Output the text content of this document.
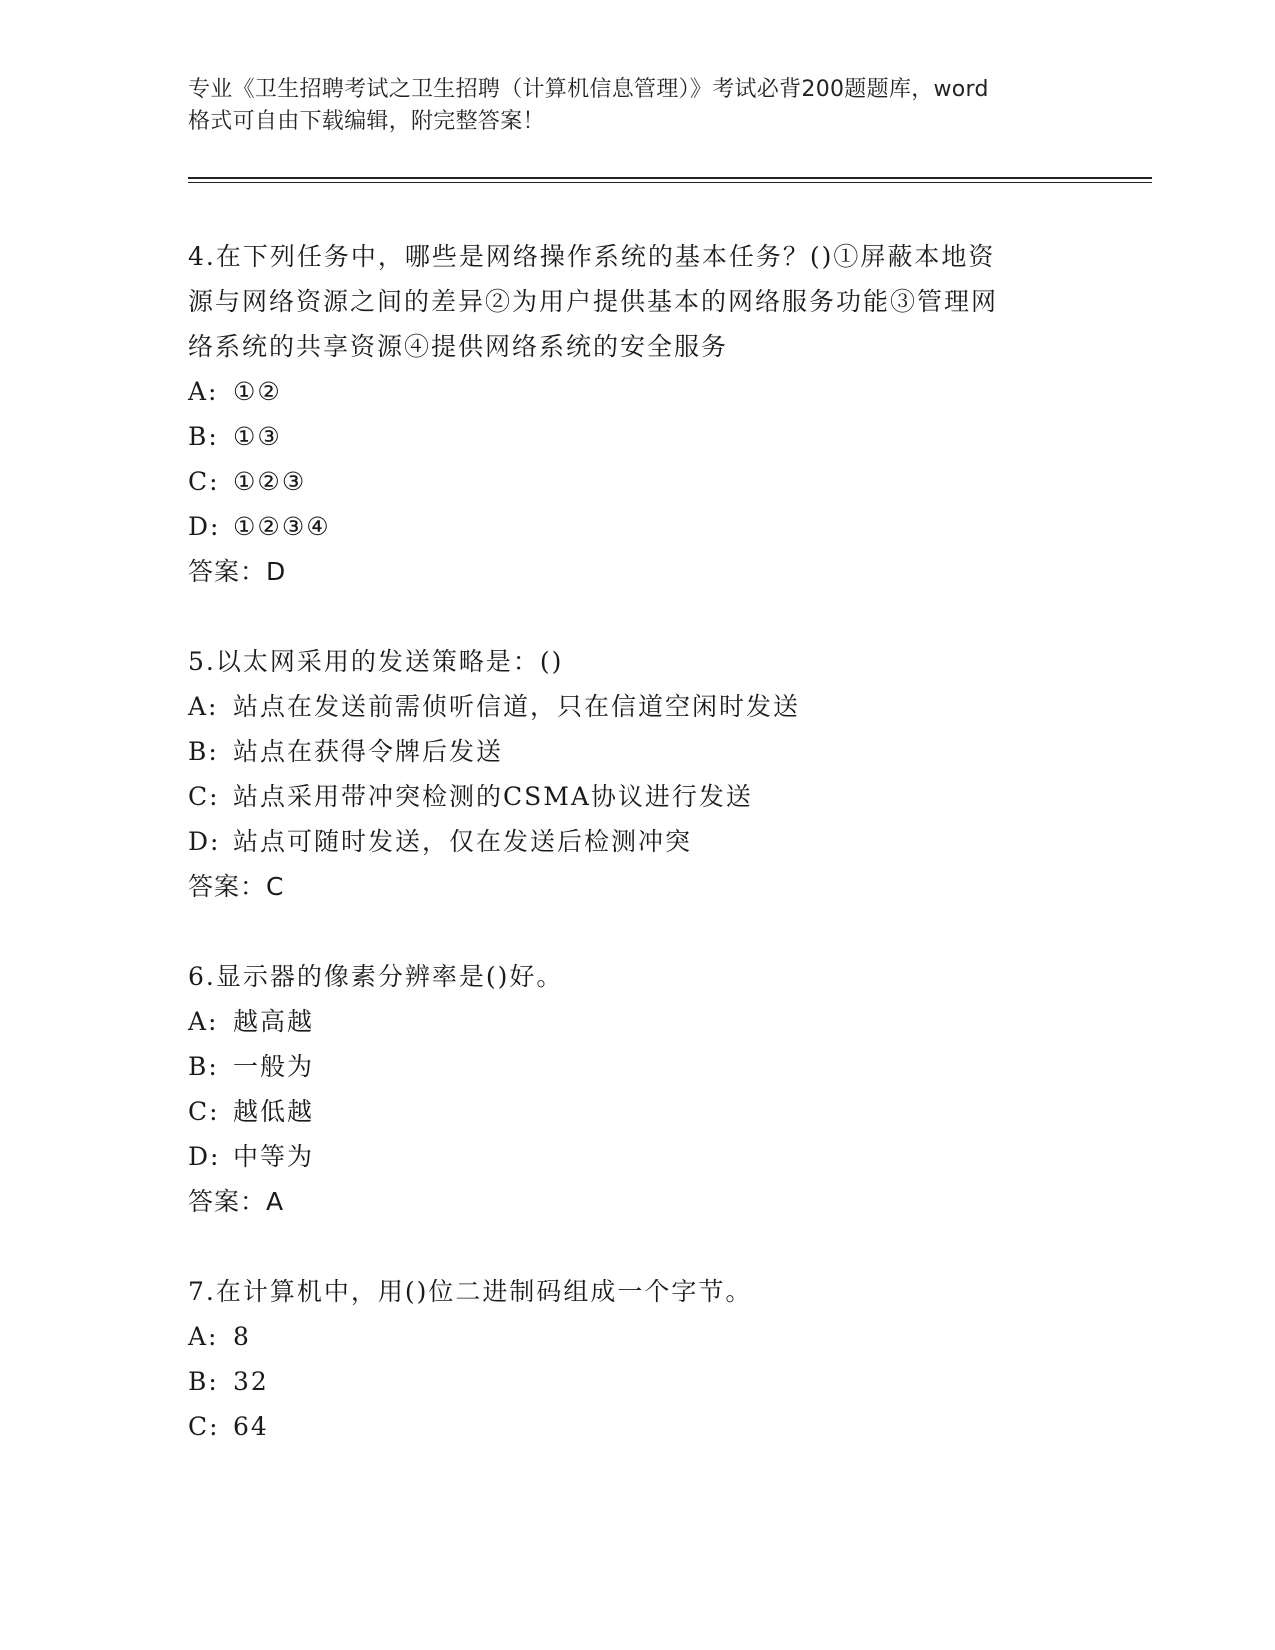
专业《卫生招聘考试之卫生招聘（计算机信息管理）》考试必背200题题库，word
格式可自由下载编辑，附完整答案！
4.在下列任务中，哪些是网络操作系统的基本任务？()①屏蔽本地资
源与网络资源之间的差异②为用户提供基本的网络服务功能③管理网
络系统的共享资源④提供网络系统的安全服务
A: ①②
B: ①③
C: ①②③
D: ①②③④
答案：D
5.以太网采用的发送策略是：()
A: 站点在发送前需侦听信道，只在信道空闲时发送
B: 站点在获得令牌后发送
C: 站点采用带冲突检测的CSMA协议进行发送
D: 站点可随时发送，仅在发送后检测冲突
答案：C
6.显示器的像素分辨率是()好。
A: 越高越
B: 一般为
C: 越低越
D: 中等为
答案：A
7.在计算机中，用()位二进制码组成一个字节。
A: 8
B: 32
C: 64
